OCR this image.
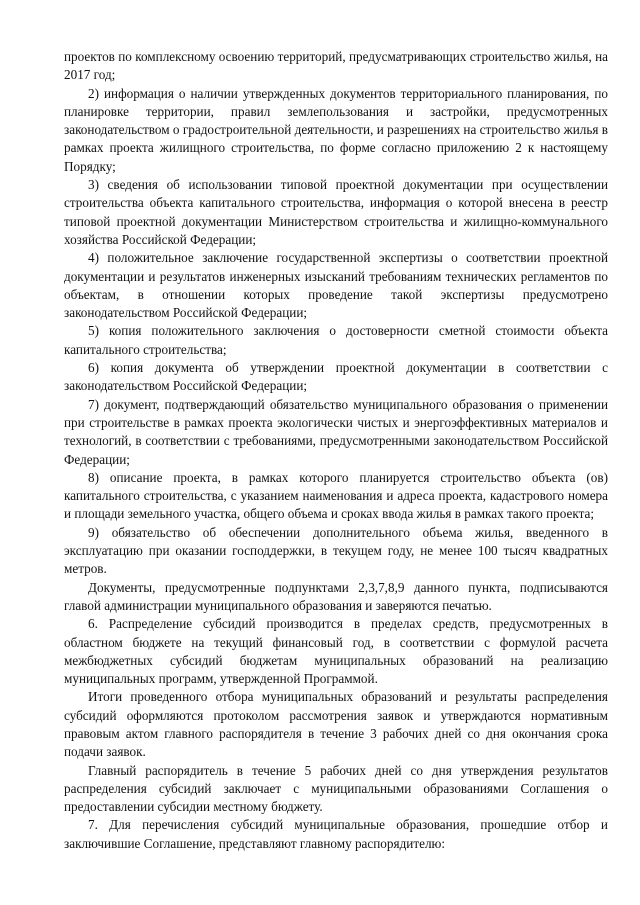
проектов по комплексному освоению территорий, предусматривающих строительство жилья, на 2017 год;

2) информация о наличии утвержденных документов территориального планирования, по планировке территории, правил землепользования и застройки, предусмотренных законодательством о градостроительной деятельности, и разрешениях на строительство жилья в рамках проекта жилищного строительства, по форме согласно приложению 2 к настоящему Порядку;

3) сведения об использовании типовой проектной документации при осуществлении строительства объекта капитального строительства, информация о которой внесена в реестр типовой проектной документации Министерством строительства и жилищно-коммунального хозяйства Российской Федерации;

4) положительное заключение государственной экспертизы о соответствии проектной документации и результатов инженерных изысканий требованиям технических регламентов по объектам, в отношении которых проведение такой экспертизы предусмотрено законодательством Российской Федерации;

5) копия положительного заключения о достоверности сметной стоимости объекта капитального строительства;

6) копия документа об утверждении проектной документации в соответствии с законодательством Российской Федерации;

7) документ, подтверждающий обязательство муниципального образования о применении при строительстве в рамках проекта экологически чистых и энергоэффективных материалов и технологий, в соответствии с требованиями, предусмотренными законодательством Российской Федерации;

8) описание проекта, в рамках которого планируется строительство объекта (ов) капитального строительства, с указанием наименования и адреса проекта, кадастрового номера и площади земельного участка, общего объема и сроках ввода жилья в рамках такого проекта;

9) обязательство об обеспечении дополнительного объема жилья, введенного в эксплуатацию при оказании господдержки, в текущем году, не менее 100 тысяч квадратных метров.

Документы, предусмотренные подпунктами 2,3,7,8,9 данного пункта, подписываются главой администрации муниципального образования и заверяются печатью.

6. Распределение субсидий производится в пределах средств, предусмотренных в областном бюджете на текущий финансовый год, в соответствии с формулой расчета межбюджетных субсидий бюджетам муниципальных образований на реализацию муниципальных программ, утвержденной Программой.

Итоги проведенного отбора муниципальных образований и результаты распределения субсидий оформляются протоколом рассмотрения заявок и утверждаются нормативным правовым актом главного распорядителя в течение 3 рабочих дней со дня окончания срока подачи заявок.

Главный распорядитель в течение 5 рабочих дней со дня утверждения результатов распределения субсидий заключает с муниципальными образованиями Соглашения о предоставлении субсидии местному бюджету.

7. Для перечисления субсидий муниципальные образования, прошедшие отбор и заключившие Соглашение, представляют главному распорядителю:
